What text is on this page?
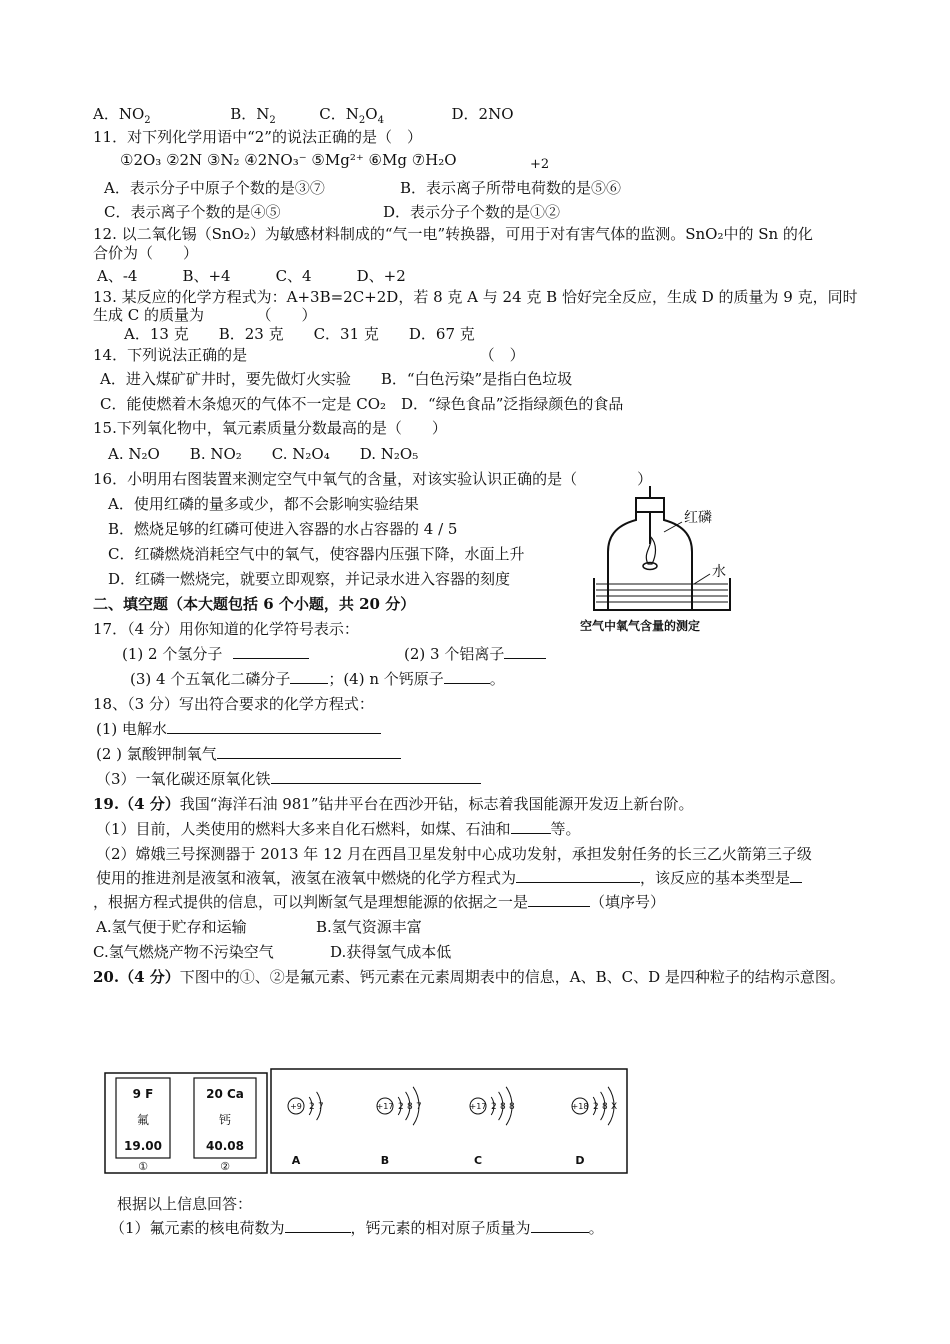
A．$NO_2$	B．$N_2$	C．$N_2O_4$	D．2NO
11．对下列化学用语中“2”的说法正确的是（　）
①2O₃ ②2N ③N₂ ④2NO₃⁻ ⑤Mg²⁺ ⑥Mg ⑦H₂O	+2
A．表示分子中原子个数的是③⑦	B．表示离子所带电荷数的是⑤⑥
C．表示离子个数的是④⑤	D．表示分子个数的是①②
12. 以二氧化锡（SnO₂）为敏感材料制成的“气一电”转换器，可用于对有害气体的监测。SnO₂中的 Sn 的化
合价为（　　）
A、-4　　　B、+4　　　C、4　　　D、+2
13. 某反应的化学方程式为：A+3B=2C+2D，若 8 克 A 与 24 克 B 恰好完全反应，生成 D 的质量为 9 克，同时
生成 C 的质量为　　　　（　　）
A．13 克　　B．23 克　　C．31 克　　D．67 克
14．下列说法正确的是　　　　　　　　　　　　　　　　（　）
A．进入煤矿矿井时，要先做灯火实验　　B．“白色污染”是指白色垃圾
C．能使燃着木条熄灭的气体不一定是 CO₂　D．“绿色食品”泛指绿颜色的食品
15.下列氧化物中，氧元素质量分数最高的是（　　）
A. N₂O　　B. NO₂　　C. N₂O₄　　D. N₂O₅
16．小明用右图装置来测定空气中氧气的含量，对该实验认识正确的是（　　　　）
A．使用红磷的量多或少，都不会影响实验结果
B．燃烧足够的红磷可使进入容器的水占容器的 4 / 5
C．红磷燃烧消耗空气中的氧气，使容器内压强下降，水面上升
D．红磷一燃烧完，就要立即观察，并记录水进入容器的刻度
红磷
水
空气中氧气含量的测定
二、填空题（本大题包括 6 个小题，共 20 分）
17．（4 分）用你知道的化学符号表示：
(1) 2 个氢分子	(2) 3 个铝离子
(3) 4 个五氧化二磷分子	；(4) n 个钙原子	。
18、（3 分）写出符合要求的化学方程式：
(1) 电解水
(2 ) 氯酸钾制氧气
（3）一氧化碳还原氧化铁
19.（4 分）我国“海洋石油 981”钻井平台在西沙开钻，标志着我国能源开发迈上新台阶。
（1）目前，人类使用的燃料大多来自化石燃料，如煤、石油和	等。
（2）嫦娥三号探测器于 2013 年 12 月在西昌卫星发射中心成功发射，承担发射任务的长三乙火箭第三子级
使用的推进剂是液氢和液氧，液氢在液氧中燃烧的化学方程式为	，该反应的基本类型是
，根据方程式提供的信息，可以判断氢气是理想能源的依据之一是	（填序号）
A.氢气便于贮存和运输	B.氢气资源丰富
C.氢气燃烧产物不污染空气	D.获得氢气成本低
20.（4 分）下图中的①、②是氟元素、钙元素在元素周期表中的信息，A、B、C、D 是四种粒子的结构示意图。
9 F
氟
19.00
①
20 Ca
钙
40.08
②
+9 2 7
A
+17 2 8 7
B
+17 2 8 8
C
+18 2 8 X
D
根据以上信息回答：
（1）氟元素的核电荷数为	，钙元素的相对原子质量为	。
